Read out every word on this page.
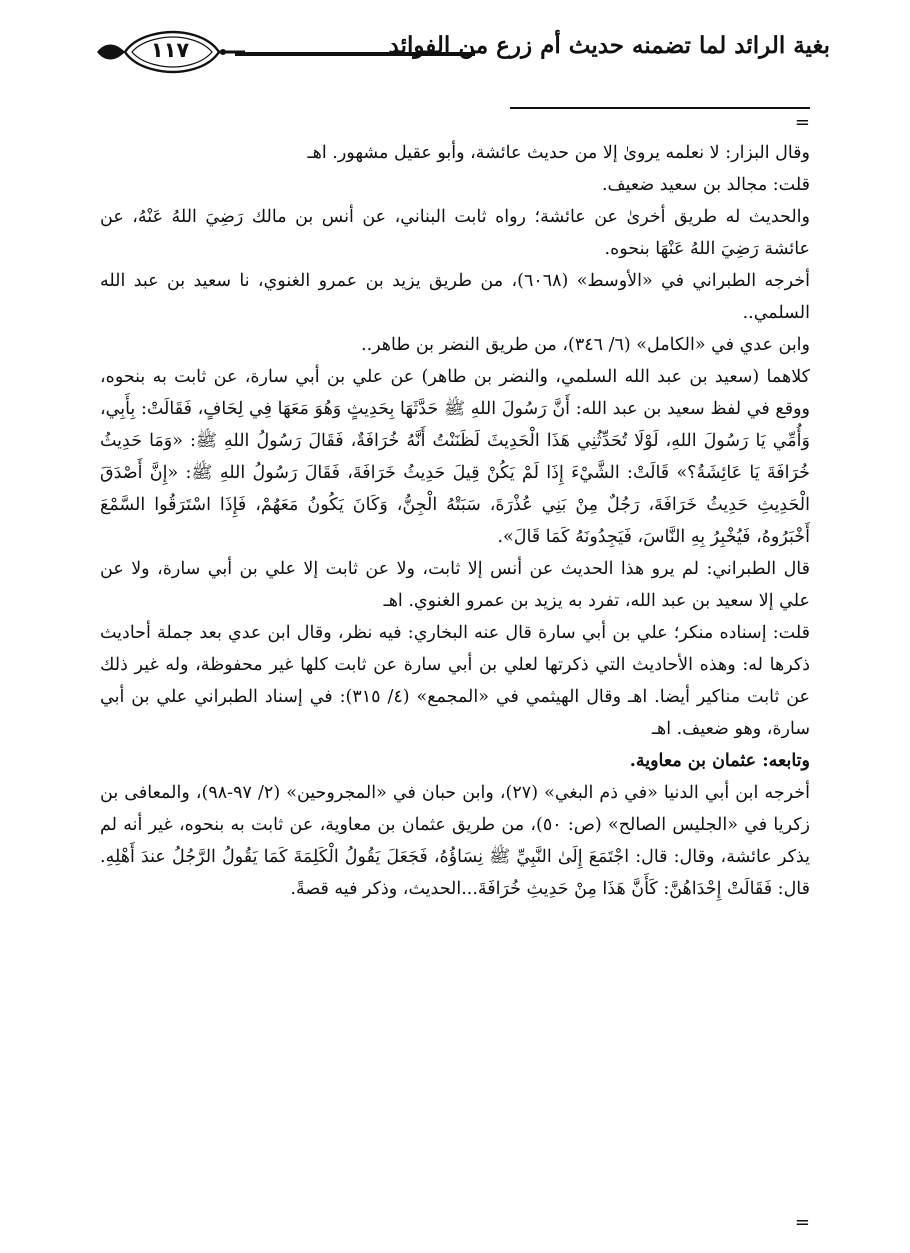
١١٧	بغية الرائد لما تضمنه حديث أم زرع من الفوائد
=

وقال البزار: لا نعلمه يروىٰ إلا من حديث عائشة، وأبو عقيل مشهور. اهـ

قلت: مجالد بن سعيد ضعيف.

والحديث له طريق أخرىٰ عن عائشة؛ رواه ثابت البناني، عن أنس بن مالك رَضِيَ اللهُ عَنْهُ، عن عائشة رَضِيَ اللهُ عَنْهَا بنحوه.

أخرجه الطبراني في «الأوسط» (٦٠٦٨)، من طريق يزيد بن عمرو الغنوي، نا سعيد بن عبد الله السلمي..

وابن عدي في «الكامل» (٦/ ٣٤٦)، من طريق النضر بن طاهر..

كلاهما (سعيد بن عبد الله السلمي، والنضر بن طاهر) عن علي بن أبي سارة، عن ثابت به بنحوه، ووقع في لفظ سعيد بن عبد الله: أَنَّ رَسُولَ اللهِ ﷺ حَدَّثَهَا بِحَدِيثٍ وَهُوَ مَعَهَا فِي لِحَافٍ، فَقَالَتْ: بِأَبِي، وَأُمِّي يَا رَسُولَ اللهِ، لَوْلَا تُحَدِّثُنِي هَذَا الْحَدِيثَ لَظَنَنْتُ أَنَّهُ خُرَافَةٌ، فَقَالَ رَسُولُ اللهِ ﷺ: «وَمَا حَدِيثُ خُرَافَةَ يَا عَائِشَةُ؟» قَالَتْ: الشَّيْءَ إِذَا لَمْ يَكُنْ قِيلَ حَدِيثُ خَرَافَةَ، فَقَالَ رَسُولُ اللهِ ﷺ: «إِنَّ أَصْدَقَ الْحَدِيثِ حَدِيثُ خَرَافَةَ، رَجُلٌ مِنْ بَنِي عُذْرَةَ، سَبَتْهُ الْجِنُّ، وَكَانَ يَكُونُ مَعَهُمْ، فَإِذَا اسْتَرَقُوا السَّمْعَ أَخْبَرُوهُ، فَيُخْبِرُ بِهِ النَّاسَ، فَيَجِدُونَهُ كَمَا قَالَ».

قال الطبراني: لم يرو هذا الحديث عن أنس إلا ثابت، ولا عن ثابت إلا علي بن أبي سارة، ولا عن علي إلا سعيد بن عبد الله، تفرد به يزيد بن عمرو الغنوي. اهـ

قلت: إسناده منكر؛ علي بن أبي سارة قال عنه البخاري: فيه نظر، وقال ابن عدي بعد جملة أحاديث ذكرها له: وهذه الأحاديث التي ذكرتها لعلي بن أبي سارة عن ثابت كلها غير محفوظة، وله غير ذلك عن ثابت مناكير أيضا. اهـ وقال الهيثمي في «المجمع» (٤/ ٣١٥): في إسناد الطبراني علي بن أبي سارة، وهو ضعيف. اهـ

وتابعه: عثمان بن معاوية.

أخرجه ابن أبي الدنيا «في ذم البغي» (٢٧)، وابن حبان في «المجروحين» (٢/ ٩٧-٩٨)، والمعافى بن زكريا في «الجليس الصالح» (ص: ٥٠)، من طريق عثمان بن معاوية، عن ثابت به بنحوه، غير أنه لم يذكر عائشة، وقال: قال: اجْتَمَعَ إِلَىٰ النَّبِيِّ ﷺ نِسَاؤُهُ، فَجَعَلَ يَقُولُ الْكَلِمَةَ كَمَا يَقُولُ الرَّجُلُ عندَ أَهْلِهِ. قال: فَقَالَتْ إِحْدَاهُنَّ: كَأَنَّ هَذَا مِنْ حَدِيثِ خُرَافَةَ...الحديث، وذكر فيه قصةً.

=
